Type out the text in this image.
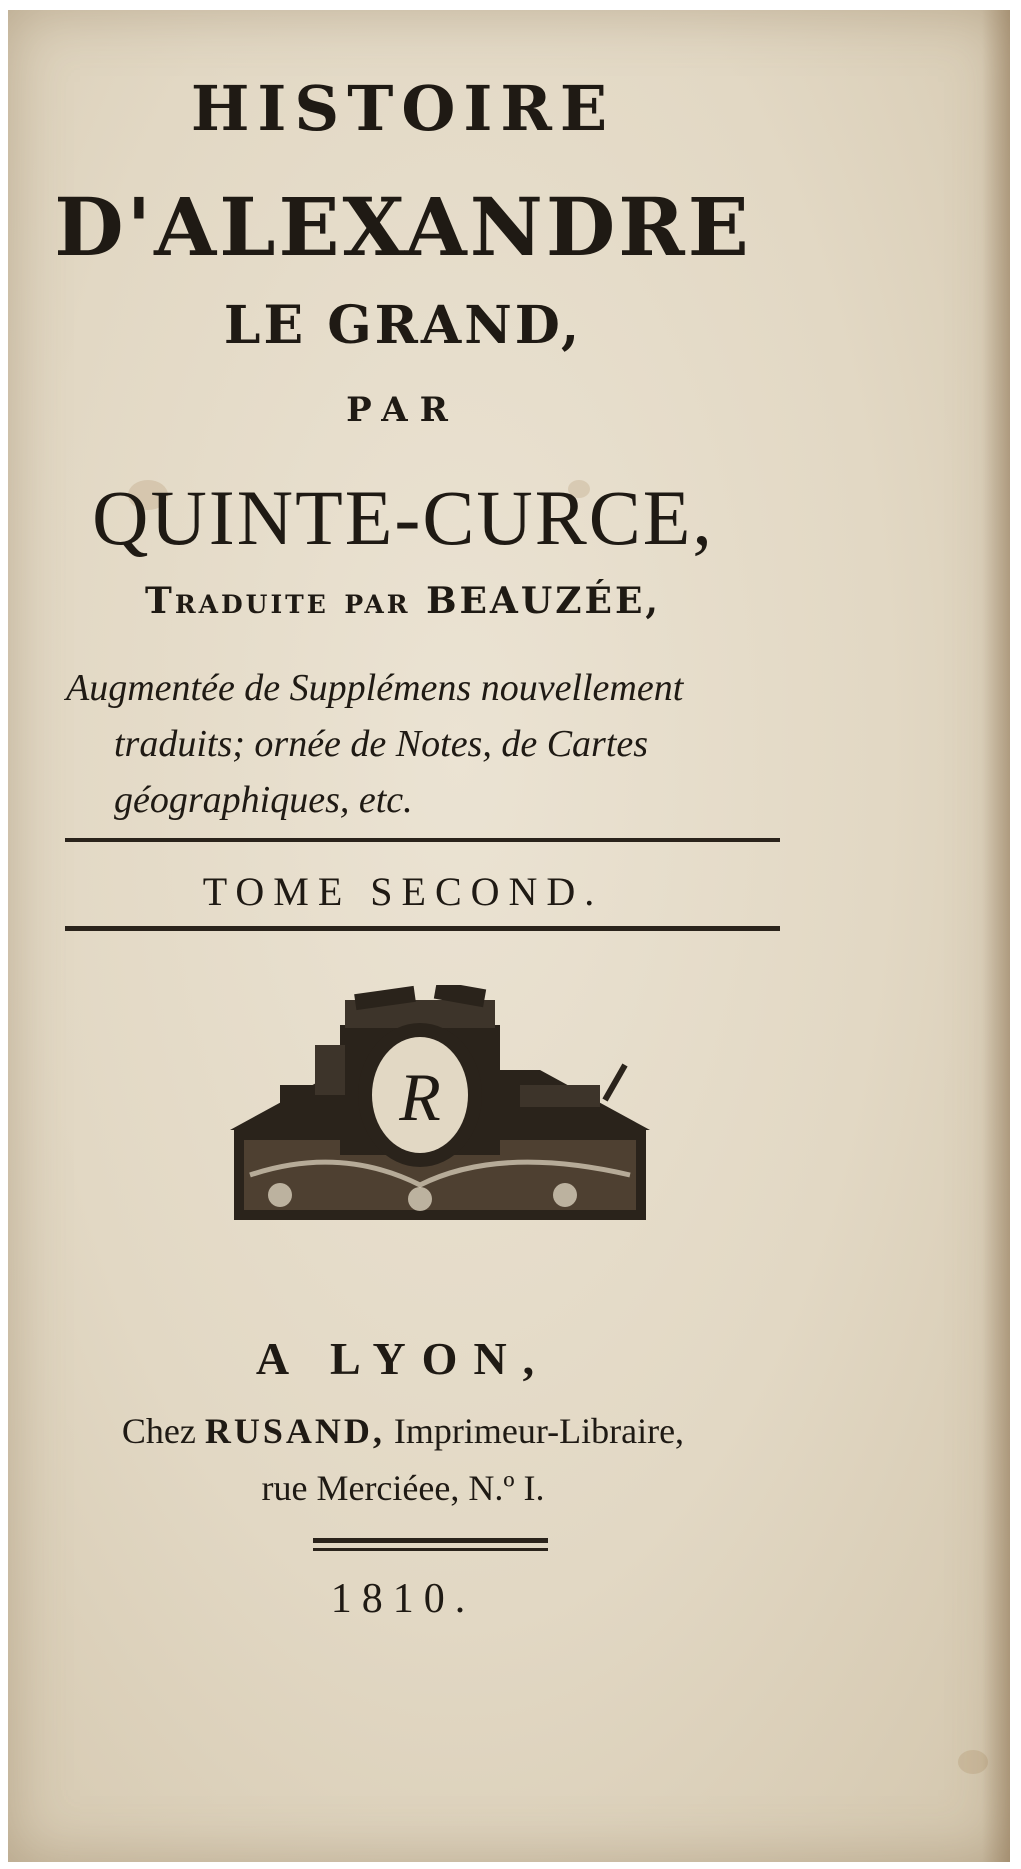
HISTOIRE
D'ALEXANDRE
LE GRAND,
PAR
QUINTE-CURCE,
Traduite par BEAUZÉE,
Augmentée de Supplémens nouvellement
traduits; ornée de Notes, de Cartes
géographiques, etc.
TOME SECOND.
R
A LYON,
Chez RUSAND, Imprimeur-Libraire,
rue Merciéee, N.º I.
1810.
